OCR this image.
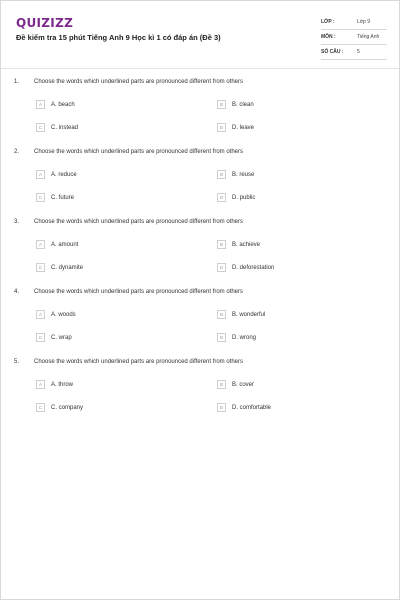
QUIZIZZ
Đề kiểm tra 15 phút Tiếng Anh 9 Học kì 1 có đáp án (Đề 3)
LỚP :	Lớp 9
MÔN :	Tiếng Anh
SỐ CÂU :	5
1. Choose the words which underlined parts are pronounced different from others
A	A. beach	B	B. clean
C	C. instead	D	D. leave
2. Choose the words which underlined parts are pronounced different from others
A	A. reduce	B	B. reuse
C	C. future	D	D. public
3. Choose the words which underlined parts are pronounced different from others
A	A. amount	B	B. achieve
C	C. dynamite	D	D. deforestation
4. Choose the words which underlined parts are pronounced different from others
A	A. woods	B	B. wonderful
C	C. wrap	D	D. wrong
5. Choose the words which underlined parts are pronounced different from others
A	A. throw	B	B. cover
C	C. company	D	D. comfortable
